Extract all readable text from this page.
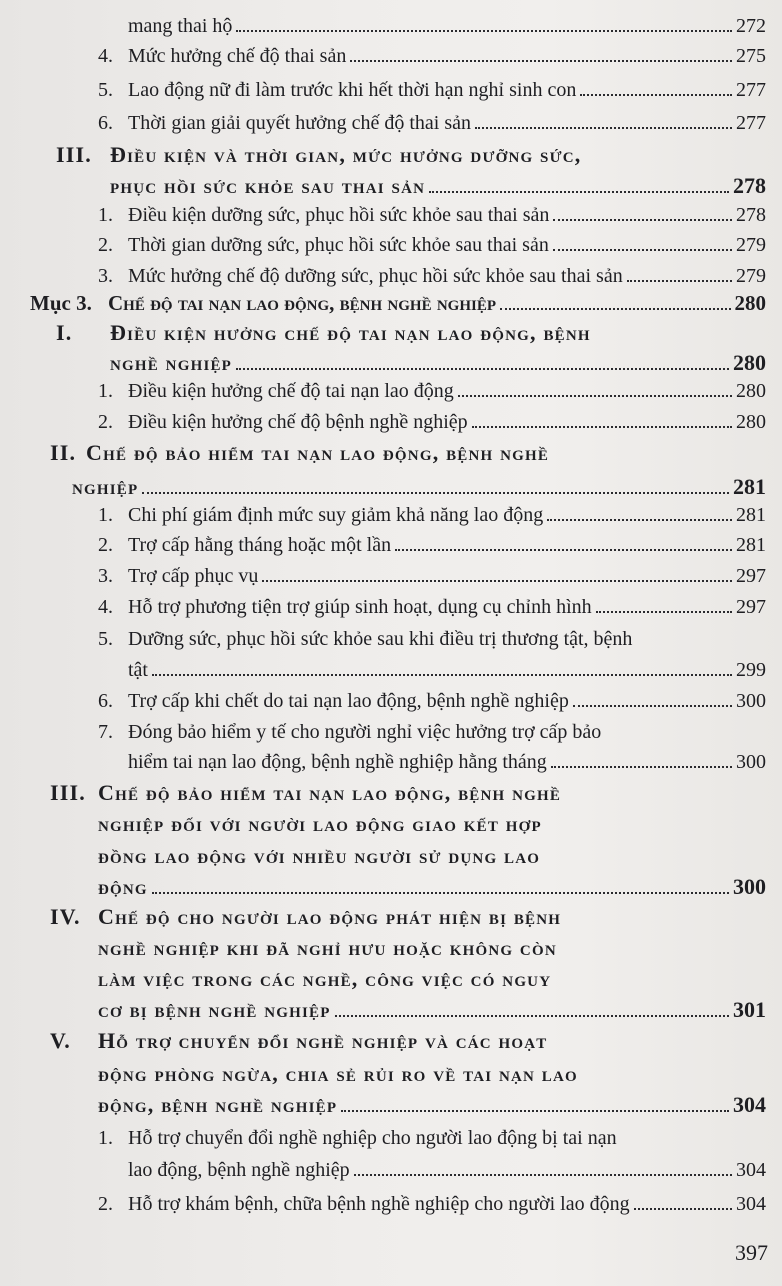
mang thai hộ	272
4. Mức hưởng chế độ thai sản	275
5. Lao động nữ đi làm trước khi hết thời hạn nghỉ sinh con	277
6. Thời gian giải quyết hưởng chế độ thai sản	277
III. Điều kiện và thời gian, mức hưởng dưỡng sức,
phục hồi sức khỏe sau thai sản	278
1. Điều kiện dưỡng sức, phục hồi sức khỏe sau thai sản	278
2. Thời gian dưỡng sức, phục hồi sức khỏe sau thai sản	279
3. Mức hưởng chế độ dưỡng sức, phục hồi sức khỏe sau thai sản	279
Mục 3. Chế độ tai nạn lao động, bệnh nghề nghiệp	280
I. Điều kiện hưởng chế độ tai nạn lao động, bệnh
nghề nghiệp	280
1. Điều kiện hưởng chế độ tai nạn lao động	280
2. Điều kiện hưởng chế độ bệnh nghề nghiệp	280
II. Chế độ bảo hiểm tai nạn lao động, bệnh nghề
nghiệp	281
1. Chi phí giám định mức suy giảm khả năng lao động	281
2. Trợ cấp hằng tháng hoặc một lần	281
3. Trợ cấp phục vụ	297
4. Hỗ trợ phương tiện trợ giúp sinh hoạt, dụng cụ chỉnh hình	297
5. Dưỡng sức, phục hồi sức khỏe sau khi điều trị thương tật, bệnh
tật	299
6. Trợ cấp khi chết do tai nạn lao động, bệnh nghề nghiệp	300
7. Đóng bảo hiểm y tế cho người nghỉ việc hưởng trợ cấp bảo
hiểm tai nạn lao động, bệnh nghề nghiệp hằng tháng	300
III. Chế độ bảo hiểm tai nạn lao động, bệnh nghề
nghiệp đối với người lao động giao kết hợp
đồng lao động với nhiều người sử dụng lao
động	300
IV. Chế độ cho người lao động phát hiện bị bệnh
nghề nghiệp khi đã nghỉ hưu hoặc không còn
làm việc trong các nghề, công việc có nguy
cơ bị bệnh nghề nghiệp	301
V. Hỗ trợ chuyển đổi nghề nghiệp và các hoạt
động phòng ngừa, chia sẻ rủi ro về tai nạn lao
động, bệnh nghề nghiệp	304
1. Hỗ trợ chuyển đổi nghề nghiệp cho người lao động bị tai nạn
lao động, bệnh nghề nghiệp	304
2. Hỗ trợ khám bệnh, chữa bệnh nghề nghiệp cho người lao động	304
397
